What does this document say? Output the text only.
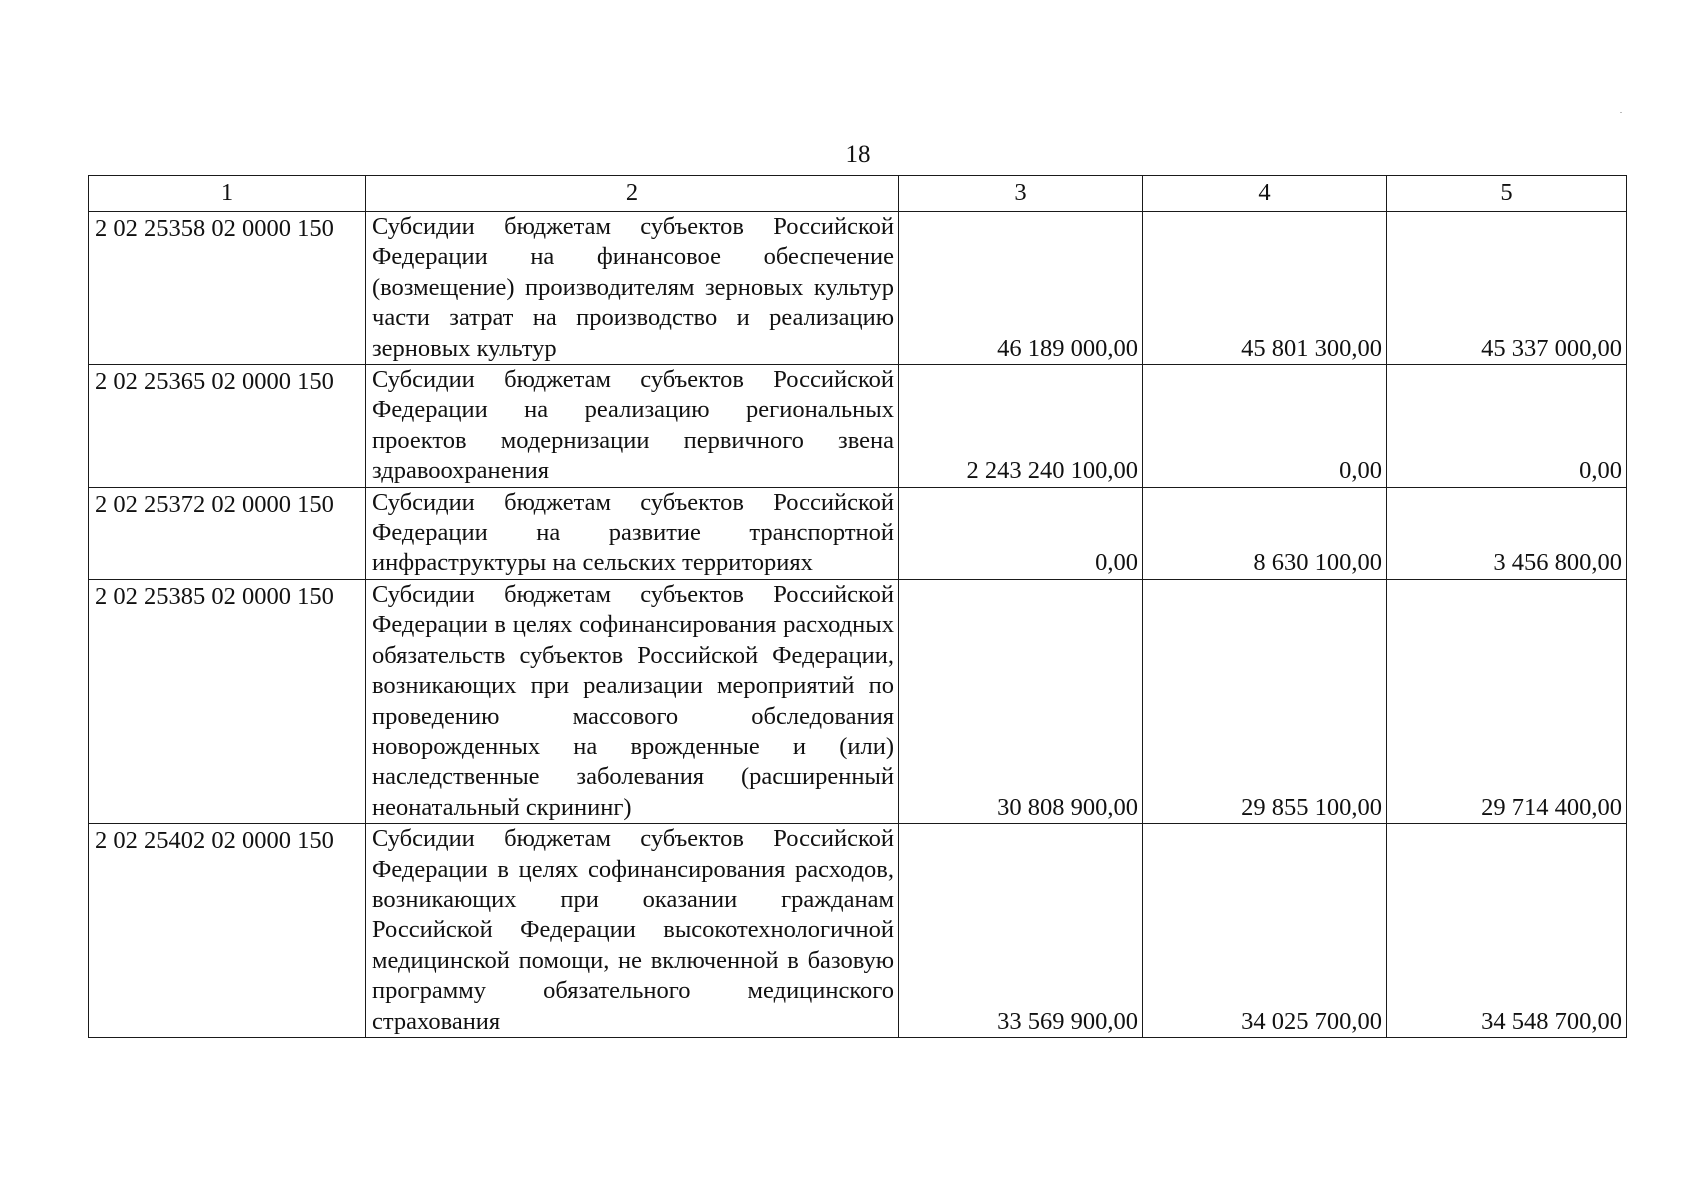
18
1	2	3	4	5
2 02 25358 02 0000 150	Субсидии бюджетам субъектов Российской Федерации на финансовое обеспечение (возмещение) производителям зерновых культур части затрат на производство и реализацию зерновых культур	46 189 000,00	45 801 300,00	45 337 000,00
2 02 25365 02 0000 150	Субсидии бюджетам субъектов Российской Федерации на реализацию региональных проектов модернизации первичного звена здравоохранения	2 243 240 100,00	0,00	0,00
2 02 25372 02 0000 150	Субсидии бюджетам субъектов Российской Федерации на развитие транспортной инфраструктуры на сельских территориях	0,00	8 630 100,00	3 456 800,00
2 02 25385 02 0000 150	Субсидии бюджетам субъектов Российской Федерации в целях софинансирования расходных обязательств субъектов Российской Федерации, возникающих при реализации мероприятий по проведению массового обследования новорожденных на врожденные и (или) наследственные заболевания (расширенный неонатальный скрининг)	30 808 900,00	29 855 100,00	29 714 400,00
2 02 25402 02 0000 150	Субсидии бюджетам субъектов Российской Федерации в целях софинансирования расходов, возникающих при оказании гражданам Российской Федерации высокотехнологичной медицинской помощи, не включенной в базовую программу обязательного медицинского страхования	33 569 900,00	34 025 700,00	34 548 700,00
